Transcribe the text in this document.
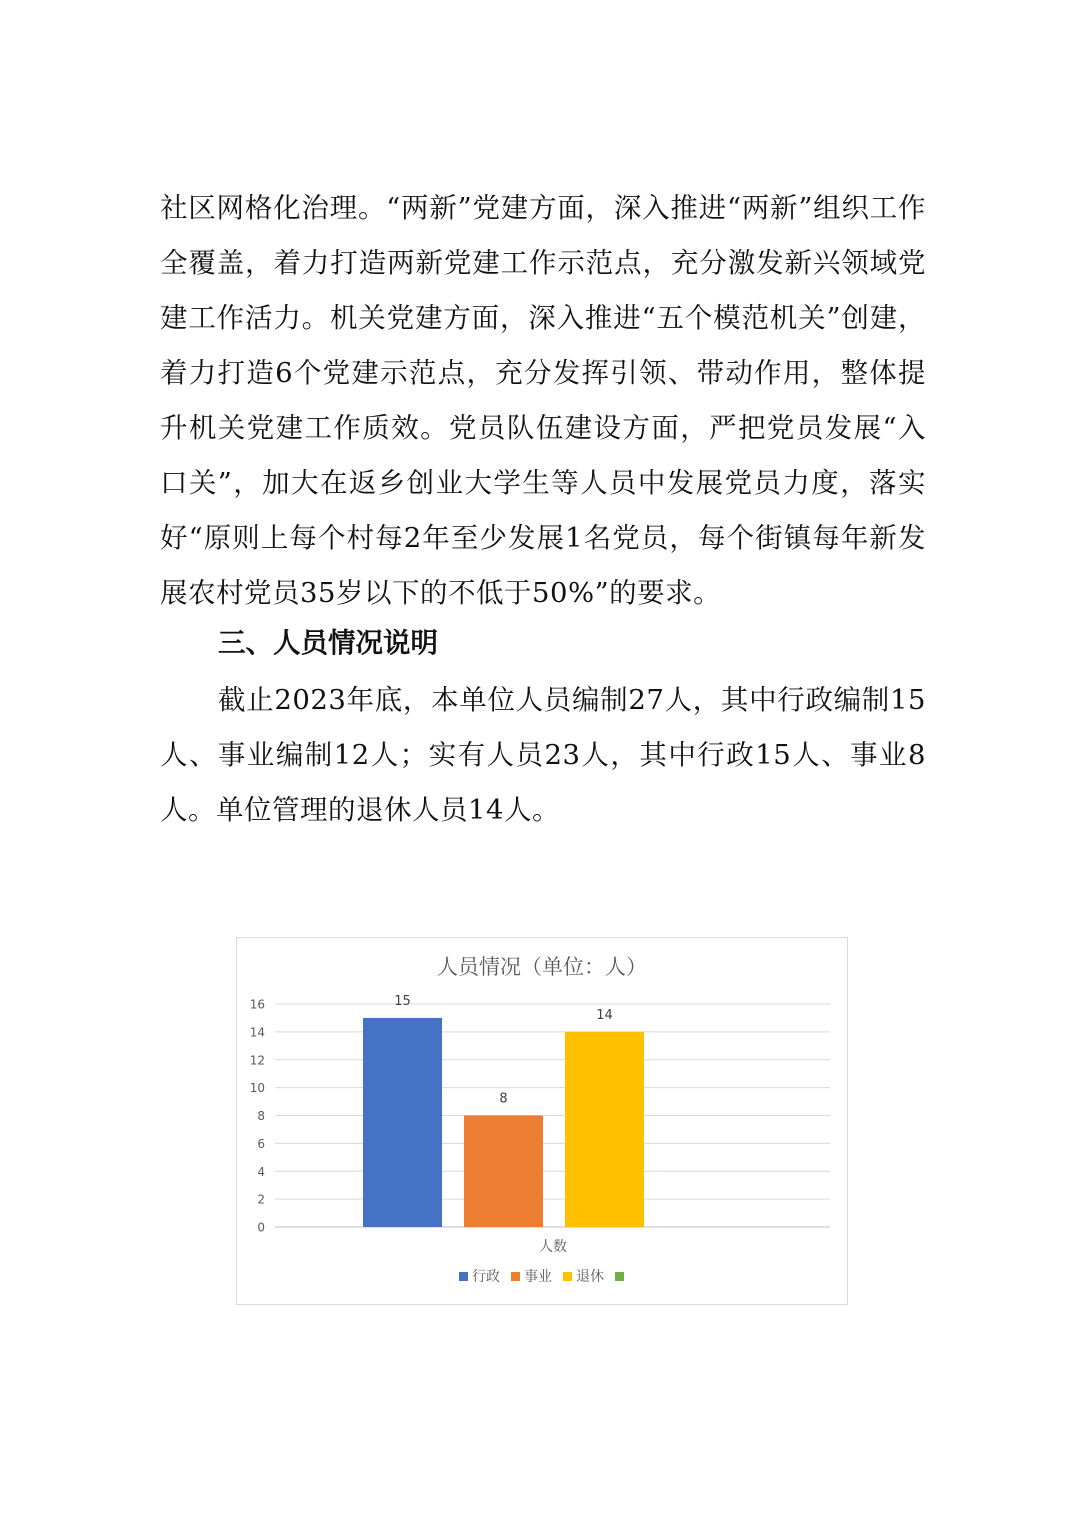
社区网格化治理。“两新”党建方面，深入推进“两新”组织工作全覆盖，着力打造两新党建工作示范点，充分激发新兴领域党建工作活力。机关党建方面，深入推进“五个模范机关”创建，着力打造6个党建示范点，充分发挥引领、带动作用，整体提升机关党建工作质效。党员队伍建设方面，严把党员发展“入口关”，加大在返乡创业大学生等人员中发展党员力度，落实好“原则上每个村每2年至少发展1名党员，每个街镇每年新发展农村党员35岁以下的不低于50%”的要求。

三、人员情况说明

截止2023年底，本单位人员编制27人，其中行政编制15人、事业编制12人；实有人员23人，其中行政15人、事业8人。单位管理的退休人员14人。

人员情况（单位：人）
0
2
4
6
8
10
12
14
16	15
8
14
人数
行政 事业 退休
